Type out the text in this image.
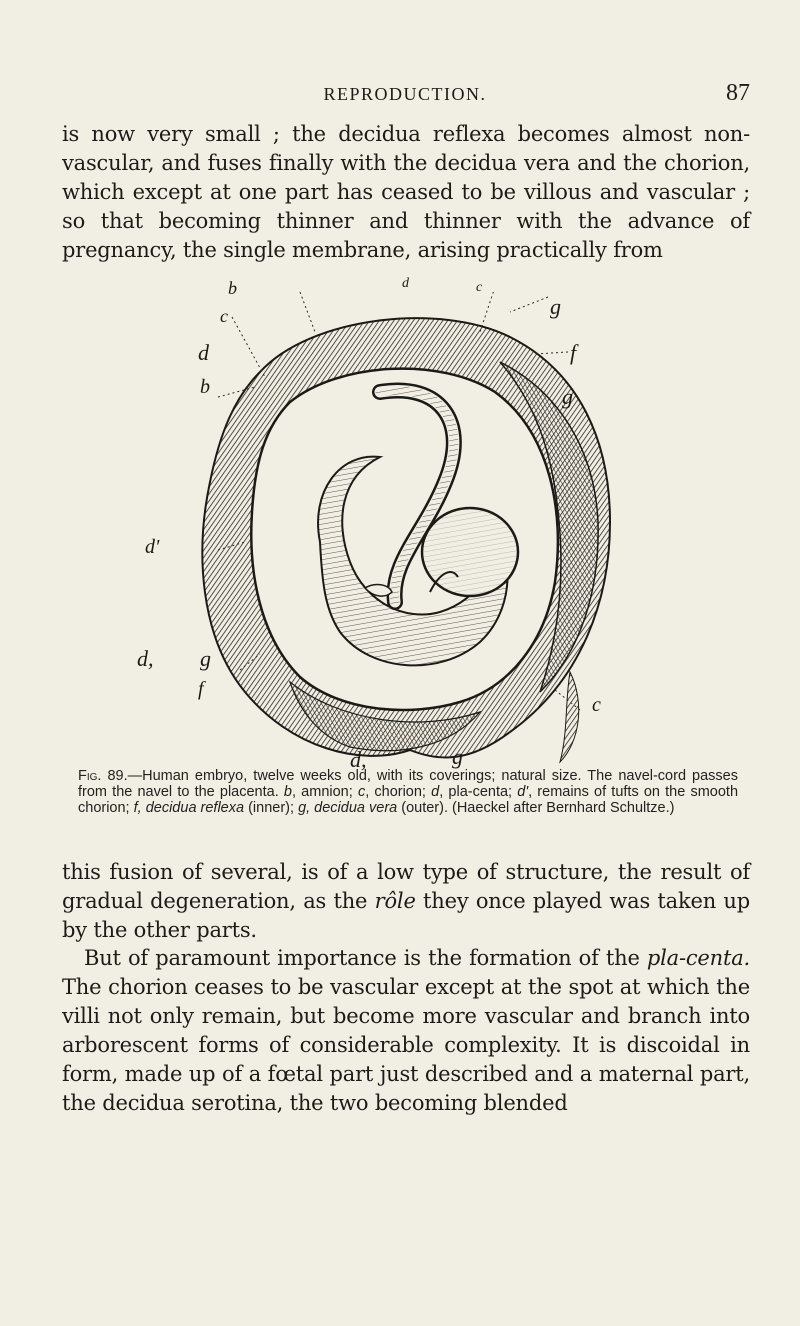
REPRODUCTION.	87
is now very small ; the decidua reflexa becomes almost non-vascular, and fuses finally with the decidua vera and the chorion, which except at one part has ceased to be villous and vascular ; so that becoming thinner and thinner with the advance of pregnancy, the single membrane, arising practically from
b	d	c
c	g
d	f
b	g
d'
d, g
f
c
d,	g
Fig. 89.—Human embryo, twelve weeks old, with its coverings; natural size. The navel-cord passes from the navel to the placenta. b, amnion; c, chorion; d, pla-centa; d', remains of tufts on the smooth chorion; f, decidua reflexa (inner); g, decidua vera (outer). (Haeckel after Bernhard Schultze.)
this fusion of several, is of a low type of structure, the result of gradual degeneration, as the rôle they once played was taken up by the other parts.
But of paramount importance is the formation of the pla-centa. The chorion ceases to be vascular except at the spot at which the villi not only remain, but become more vascular and branch into arborescent forms of considerable complexity. It is discoidal in form, made up of a fœtal part just described and a maternal part, the decidua serotina, the two becoming blended
